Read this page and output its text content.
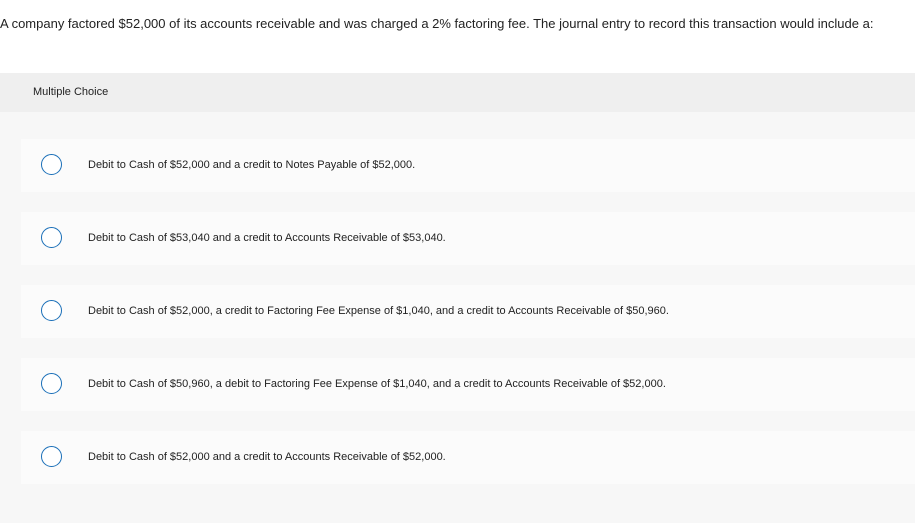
A company factored $52,000 of its accounts receivable and was charged a 2% factoring fee. The journal entry to record this transaction would include a:
Multiple Choice
Debit to Cash of $52,000 and a credit to Notes Payable of $52,000.
Debit to Cash of $53,040 and a credit to Accounts Receivable of $53,040.
Debit to Cash of $52,000, a credit to Factoring Fee Expense of $1,040, and a credit to Accounts Receivable of $50,960.
Debit to Cash of $50,960, a debit to Factoring Fee Expense of $1,040, and a credit to Accounts Receivable of $52,000.
Debit to Cash of $52,000 and a credit to Accounts Receivable of $52,000.
